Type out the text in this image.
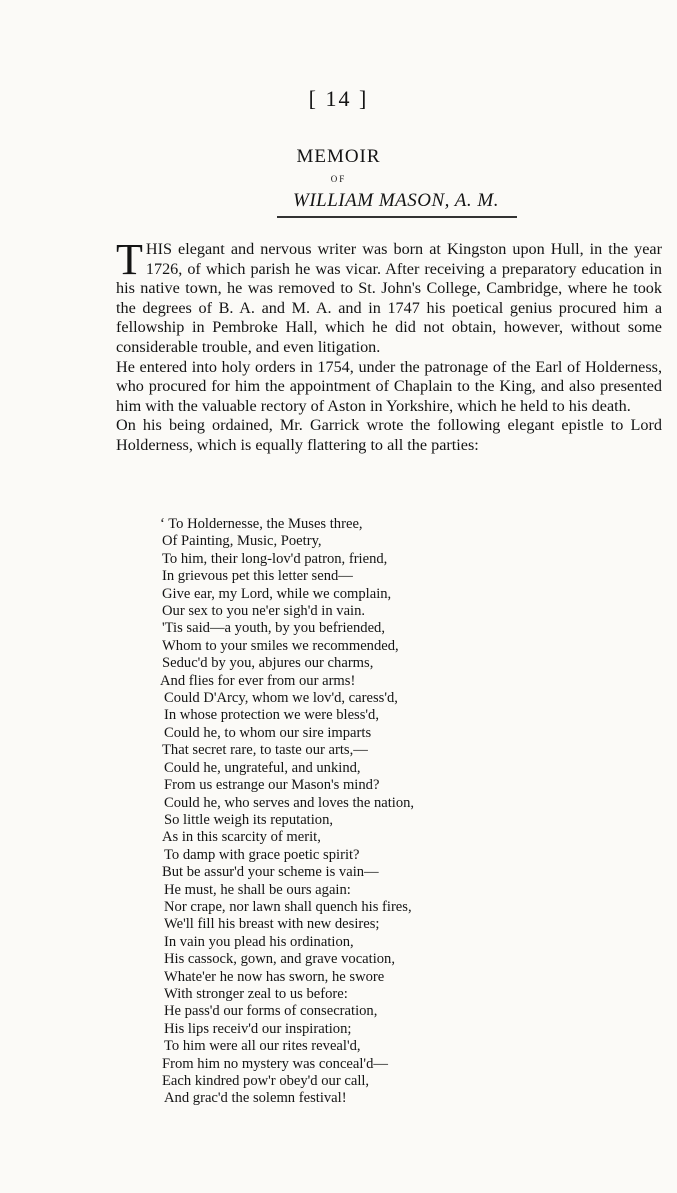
[ 14 ]
MEMOIR
OF
WILLIAM MASON, A. M.

THIS elegant and nervous writer was born at Kingston upon Hull, in the year 1726, of which parish he was vicar. After receiving a preparatory education in his native town, he was removed to St. John's College, Cambridge, where he took the degrees of B. A. and M. A. and in 1747 his poetical genius procured him a fellowship in Pembroke Hall, which he did not obtain, however, without some considerable trouble, and even litigation.

He entered into holy orders in 1754, under the patronage of the Earl of Holderness, who procured for him the appointment of Chaplain to the King, and also presented him with the valuable rectory of Aston in Yorkshire, which he held to his death.

On his being ordained, Mr. Garrick wrote the following elegant epistle to Lord Holderness, which is equally flattering to all the parties:

‘ To Holdernesse, the Muses three,
Of Painting, Music, Poetry,
To him, their long-lov'd patron, friend,
In grievous pet this letter send—
Give ear, my Lord, while we complain,
Our sex to you ne'er sigh'd in vain.
'Tis said—a youth, by you befriended,
Whom to your smiles we recommended,
Seduc'd by you, abjures our charms,
And flies for ever from our arms!
Could D'Arcy, whom we lov'd, caress'd,
In whose protection we were bless'd,
Could he, to whom our sire imparts
That secret rare, to taste our arts,—
Could he, ungrateful, and unkind,
From us estrange our Mason's mind?
Could he, who serves and loves the nation,
So little weigh its reputation,
As in this scarcity of merit,
To damp with grace poetic spirit?
But be assur'd your scheme is vain—
He must, he shall be ours again:
Nor crape, nor lawn shall quench his fires,
We'll fill his breast with new desires;
In vain you plead his ordination,
His cassock, gown, and grave vocation,
Whate'er he now has sworn, he swore
With stronger zeal to us before:
He pass'd our forms of consecration,
His lips receiv'd our inspiration;
To him were all our rites reveal'd,
From him no mystery was conceal'd—
Each kindred pow'r obey'd our call,
And grac'd the solemn festival!
